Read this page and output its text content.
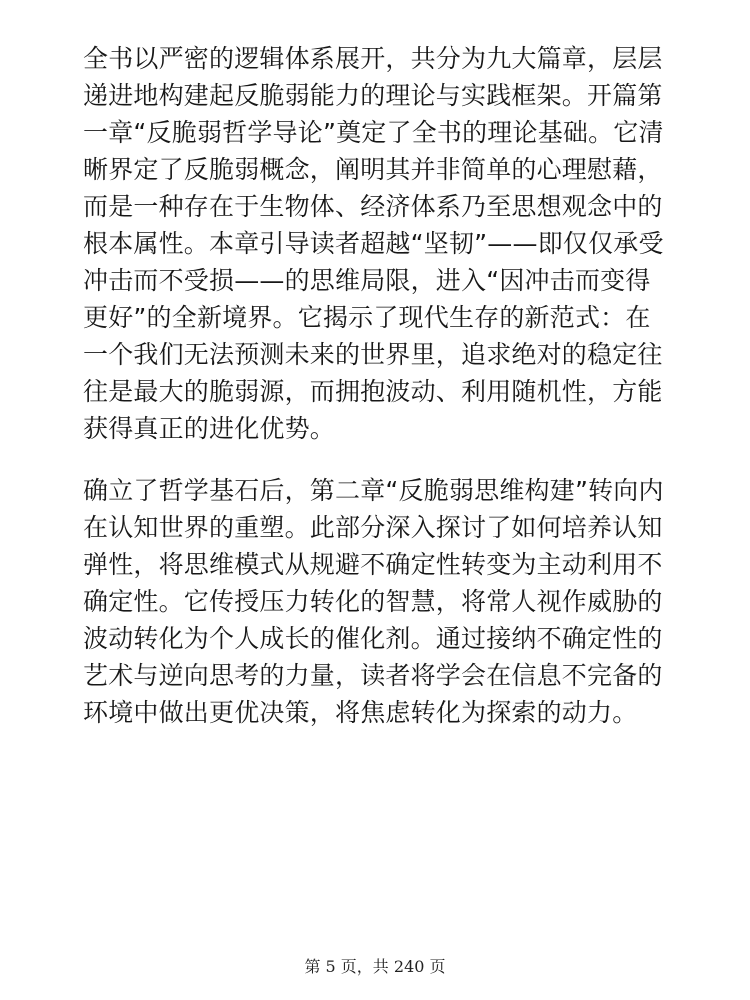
全书以严密的逻辑体系展开，共分为九大篇章，层层递进地构建起反脆弱能力的理论与实践框架。开篇第一章“反脆弱哲学导论”奠定了全书的理论基础。它清晰界定了反脆弱概念，阐明其并非简单的心理慰藉，而是一种存在于生物体、经济体系乃至思想观念中的根本属性。本章引导读者超越“坚韧”——即仅仅承受冲击而不受损——的思维局限，进入“因冲击而变得更好”的全新境界。它揭示了现代生存的新范式：在一个我们无法预测未来的世界里，追求绝对的稳定往往是最大的脆弱源，而拥抱波动、利用随机性，方能获得真正的进化优势。

确立了哲学基石后，第二章“反脆弱思维构建”转向内在认知世界的重塑。此部分深入探讨了如何培养认知弹性，将思维模式从规避不确定性转变为主动利用不确定性。它传授压力转化的智慧，将常人视作威胁的波动转化为个人成长的催化剂。通过接纳不确定性的艺术与逆向思考的力量，读者将学会在信息不完备的环境中做出更优决策，将焦虑转化为探索的动力。

第 5 页，共 240 页
